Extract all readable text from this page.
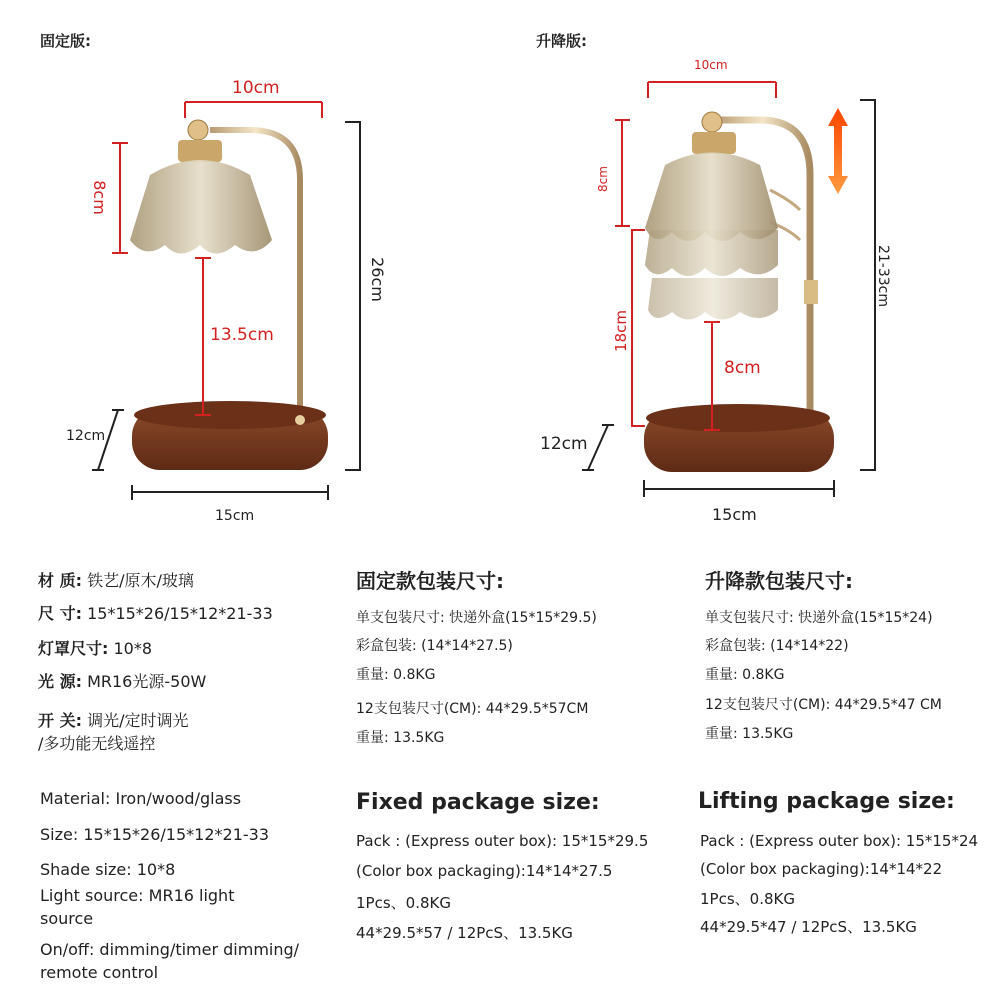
固定版:	升降版:
10cm
8cm
13.5cm
26cm
12cm
15cm
10cm
8cm
18cm
8cm
21-33cm
12cm
15cm
材 质: 铁艺/原木/玻璃
尺 寸: 15*15*26/15*12*21-33
灯罩尺寸: 10*8
光 源: MR16光源-50W
开 关: 调光/定时调光
/多功能无线遥控
固定款包装尺寸:
单支包装尺寸: 快递外盒(15*15*29.5)
彩盒包装: (14*14*27.5)
重量: 0.8KG
12支包装尺寸(CM): 44*29.5*57CM
重量: 13.5KG
升降款包装尺寸:
单支包装尺寸: 快递外盒(15*15*24)
彩盒包装: (14*14*22)
重量: 0.8KG
12支包装尺寸(CM): 44*29.5*47 CM
重量: 13.5KG
Material: Iron/wood/glass
Size: 15*15*26/15*12*21-33
Shade size: 10*8
Light source: MR16 light
source
On/off: dimming/timer dimming/
remote control
Fixed package size:
Pack : (Express outer box): 15*15*29.5
(Color box packaging):14*14*27.5
1Pcs、0.8KG
44*29.5*57 / 12PcS、13.5KG
Lifting package size:
Pack : (Express outer box): 15*15*24
(Color box packaging):14*14*22
1Pcs、0.8KG
44*29.5*47 / 12PcS、13.5KG
